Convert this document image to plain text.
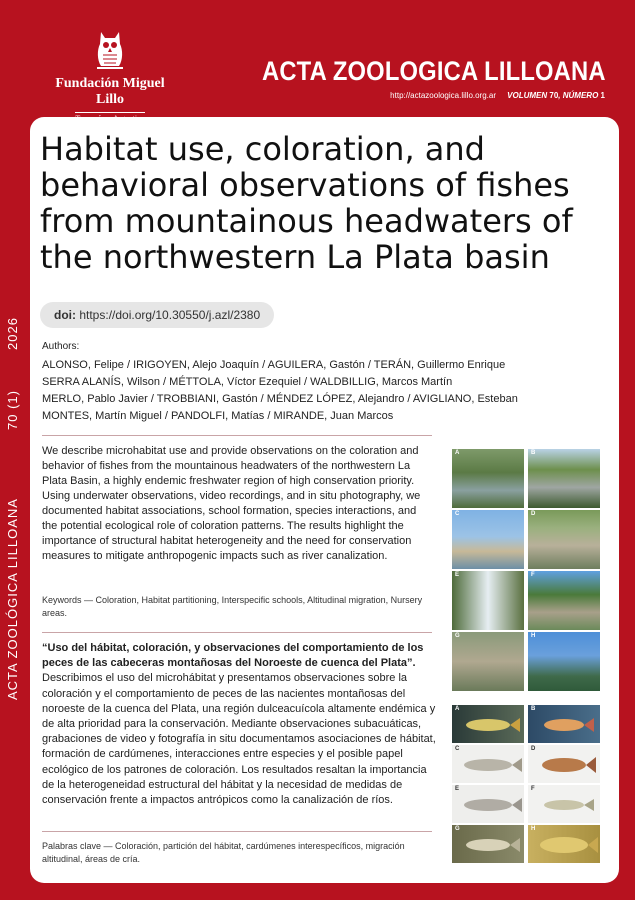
Fundación Miguel Lillo
ACTA ZOOLOGICA LILLOANA
http://actazoologica.lillo.org.ar VOLUMEN 70, NÚMERO 1
ACTA ZOOLÓGICA LILLOANA
70 (1)
2026
Habitat use, coloration, and behavioral observations of fishes from mountainous headwaters of the northwestern La Plata basin
doi: https://doi.org/10.30550/j.azl/2380
Authors:
ALONSO, Felipe / IRIGOYEN, Alejo Joaquín / AGUILERA, Gastón / TERÁN, Guillermo Enrique
SERRA ALANÍS, Wilson / MÉTTOLA, Víctor Ezequiel / WALDBILLIG, Marcos Martín
MERLO, Pablo Javier / TROBBIANI, Gastón / MÉNDEZ LÓPEZ, Alejandro / AVIGLIANO, Esteban
MONTES, Martín Miguel / PANDOLFI, Matías / MIRANDE, Juan Marcos

We describe microhabitat use and provide observations on the coloration and behavior of fishes from the mountainous headwaters of the northwestern La Plata Basin, a highly endemic freshwater region of high conservation priority. Using underwater observations, video recordings, and in situ photography, we documented habitat associations, school formation, species interactions, and the potential ecological role of coloration patterns. The results highlight the importance of structural habitat heterogeneity and the need for conservation measures to mitigate anthropogenic impacts such as river canalization.

Keywords — Coloration, Habitat partitioning, Interspecific schools, Altitudinal migration, Nursery areas.

“Uso del hábitat, coloración, y observaciones del comportamiento de los peces de las cabeceras montañosas del Noroeste de cuenca del Plata”. Describimos el uso del microhábitat y presentamos observaciones sobre la coloración y el comportamiento de peces de las nacientes montañosas del noroeste de la cuenca del Plata, una región dulceacuícola altamente endémica y de alta prioridad para la conservación. Mediante observaciones subacuáticas, grabaciones de video y fotografía in situ documentamos asociaciones de hábitat, formación de cardúmenes, interacciones entre especies y el posible papel ecológico de los patrones de coloración. Los resultados resaltan la importancia de la heterogeneidad estructural del hábitat y la necesidad de medidas de conservación frente a impactos antrópicos como la canalización de ríos.

Palabras clave — Coloración, partición del hábitat, cardúmenes interespecíficos, migración altitudinal, áreas de cría.

A	B
C	D
E	F
G	H
A	B
C	D
E	F
G	H
